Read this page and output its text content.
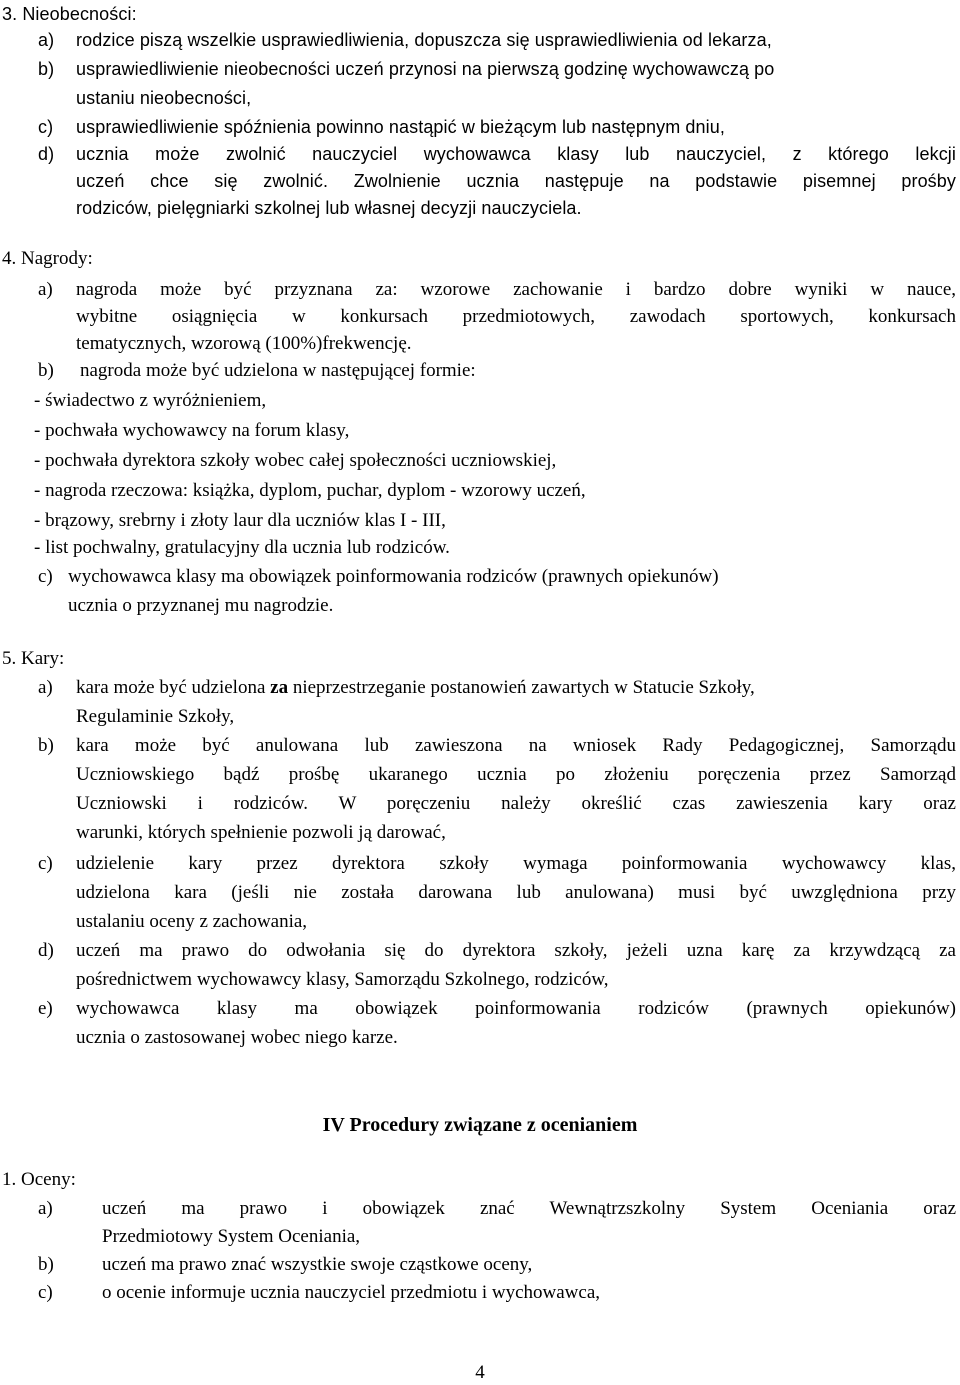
3. Nieobecności:
a) rodzice piszą wszelkie usprawiedliwienia, dopuszcza się usprawiedliwienia od lekarza,
b) usprawiedliwienie nieobecności uczeń przynosi na pierwszą godzinę wychowawczą po
ustaniu nieobecności,
c) usprawiedliwienie spóźnienia powinno nastąpić w bieżącym lub następnym dniu,
d) ucznia może zwolnić nauczyciel wychowawca klasy lub nauczyciel, z którego lekcji
uczeń chce się zwolnić. Zwolnienie ucznia następuje na podstawie pisemnej prośby
rodziców, pielęgniarki szkolnej lub własnej decyzji nauczyciela.
4. Nagrody:
a) nagroda może być przyznana za: wzorowe zachowanie i bardzo dobre wyniki w nauce,
wybitne osiągnięcia w konkursach przedmiotowych, zawodach sportowych, konkursach
tematycznych, wzorową (100%)frekwencję.
b) nagroda może być udzielona w następującej formie:
- świadectwo z wyróżnieniem,
- pochwała wychowawcy na forum klasy,
- pochwała dyrektora szkoły wobec całej społeczności uczniowskiej,
- nagroda rzeczowa: książka, dyplom, puchar, dyplom - wzorowy uczeń,
- brązowy, srebrny i złoty laur dla uczniów klas I - III,
- list pochwalny, gratulacyjny dla ucznia lub rodziców.
c) wychowawca klasy ma obowiązek poinformowania rodziców (prawnych opiekunów)
ucznia o przyznanej mu nagrodzie.
5. Kary:
a) kara może być udzielona za nieprzestrzeganie postanowień zawartych w Statucie Szkoły,
Regulaminie Szkoły,
b) kara może być anulowana lub zawieszona na wniosek Rady Pedagogicznej, Samorządu
Uczniowskiego bądź prośbę ukaranego ucznia po złożeniu poręczenia przez Samorząd
Uczniowski i rodziców. W poręczeniu należy określić czas zawieszenia kary oraz
warunki, których spełnienie pozwoli ją darować,
c) udzielenie kary przez dyrektora szkoły wymaga poinformowania wychowawcy klas,
udzielona kara (jeśli nie została darowana lub anulowana) musi być uwzględniona przy
ustalaniu oceny z zachowania,
d) uczeń ma prawo do odwołania się do dyrektora szkoły, jeżeli uzna karę za krzywdzącą za
pośrednictwem wychowawcy klasy, Samorządu Szkolnego, rodziców,
e) wychowawca klasy ma obowiązek poinformowania rodziców (prawnych opiekunów)
ucznia o zastosowanej wobec niego karze.
IV Procedury związane z ocenianiem
1. Oceny:
a)	uczeń ma prawo i obowiązek znać Wewnątrzszkolny System Oceniania oraz
Przedmiotowy System Oceniania,
b)	uczeń ma prawo znać wszystkie swoje cząstkowe oceny,
c)	o ocenie informuje ucznia nauczyciel przedmiotu i wychowawca,
4
